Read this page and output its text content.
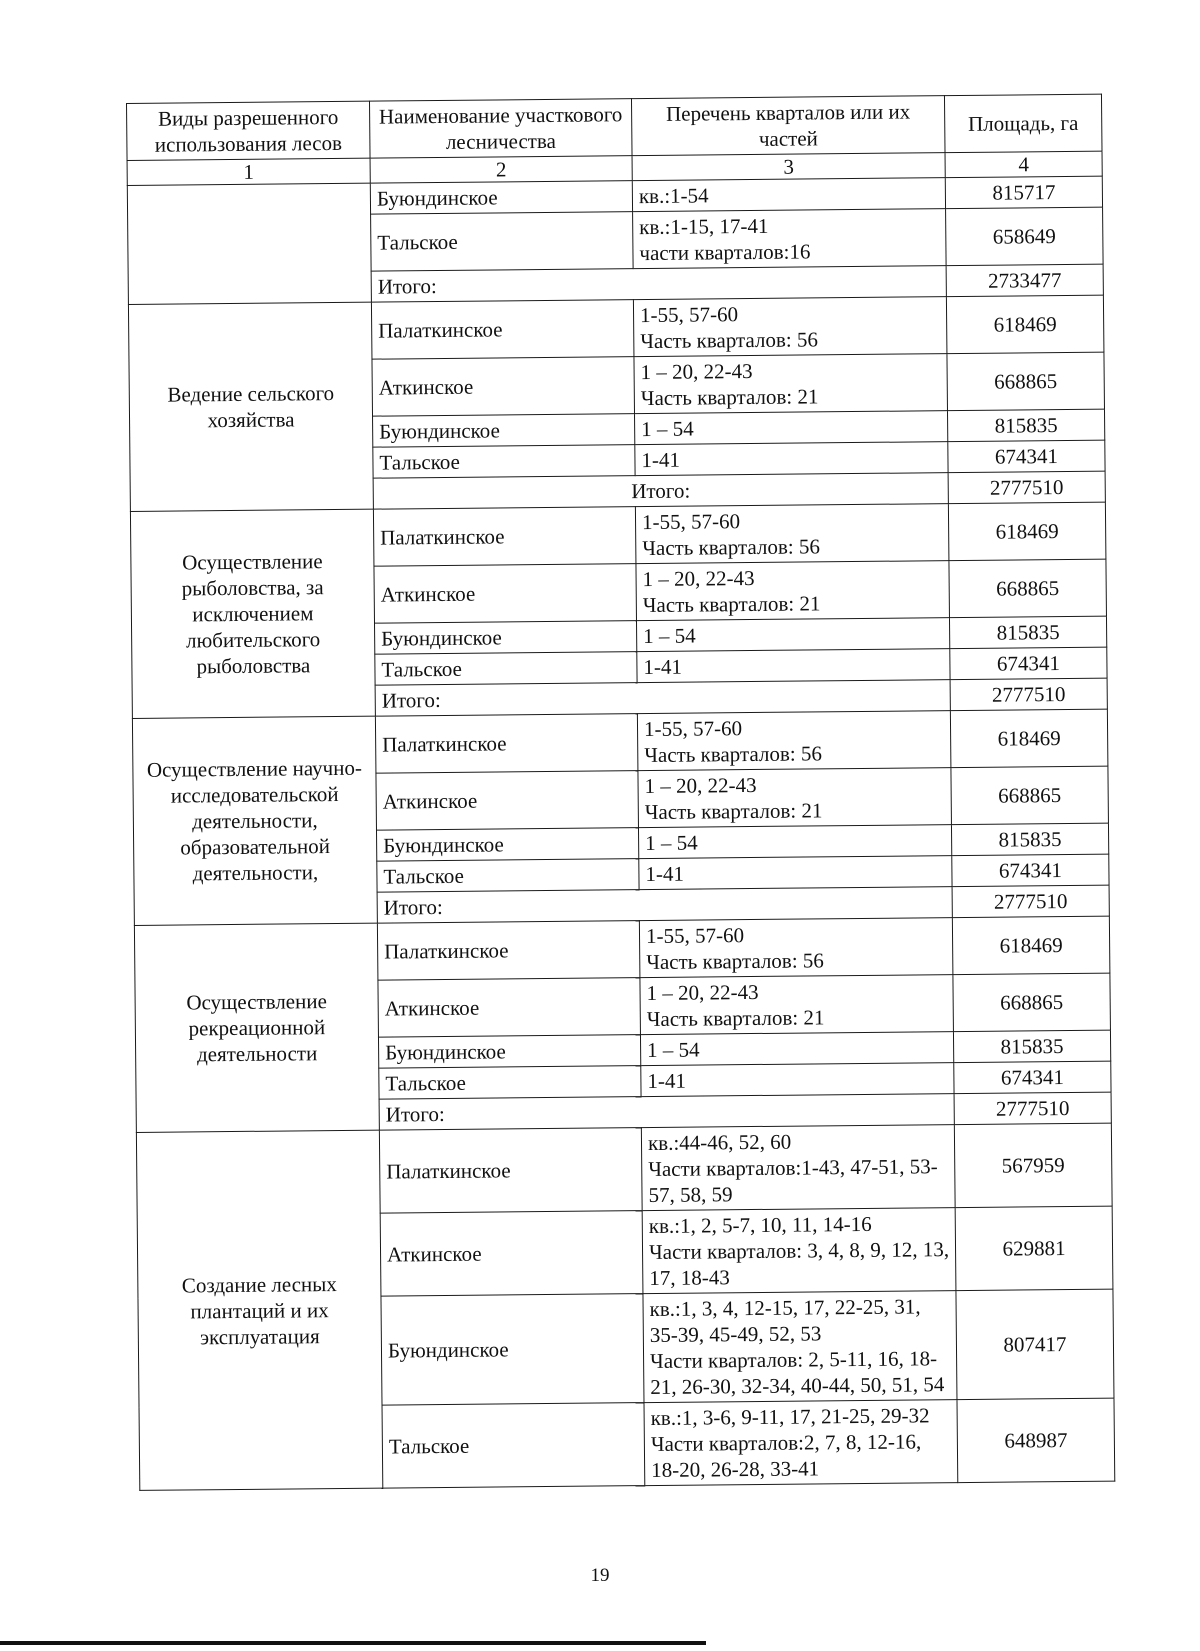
Виды разрешенного использования лесов	Наименование участкового лесничества	Перечень кварталов или их частей	Площадь, га
1	2	3	4
	Буюндинское	кв.:1-54	815717
	Тальское	кв.:1-15, 17-41
части кварталов:16	658649
	Итого:		2733477
Ведение сельского хозяйства	Палаткинское	1-55, 57-60
Часть кварталов: 56	618469
	Аткинское	1 – 20, 22-43
Часть кварталов: 21	668865
	Буюндинское	1 – 54	815835
	Тальское	1-41	674341
	Итого:		2777510
Осуществление рыболовства, за исключением любительского рыболовства	Палаткинское	1-55, 57-60
Часть кварталов: 56	618469
	Аткинское	1 – 20, 22-43
Часть кварталов: 21	668865
	Буюндинское	1 – 54	815835
	Тальское	1-41	674341
	Итого:		2777510
Осуществление научно-исследовательской деятельности, образовательной деятельности,	Палаткинское	1-55, 57-60
Часть кварталов: 56	618469
	Аткинское	1 – 20, 22-43
Часть кварталов: 21	668865
	Буюндинское	1 – 54	815835
	Тальское	1-41	674341
	Итого:		2777510
Осуществление рекреационной деятельности	Палаткинское	1-55, 57-60
Часть кварталов: 56	618469
	Аткинское	1 – 20, 22-43
Часть кварталов: 21	668865
	Буюндинское	1 – 54	815835
	Тальское	1-41	674341
	Итого:		2777510
Создание лесных плантаций и их эксплуатация	Палаткинское	кв.:44-46, 52, 60
Части кварталов:1-43, 47-51, 53-57, 58, 59	567959
	Аткинское	кв.:1, 2, 5-7, 10, 11, 14-16
Части кварталов: 3, 4, 8, 9, 12, 13, 17, 18-43	629881
	Буюндинское	кв.:1, 3, 4, 12-15, 17, 22-25, 31, 35-39, 45-49, 52, 53
Части кварталов: 2, 5-11, 16, 18-21, 26-30, 32-34, 40-44, 50, 51, 54	807417
	Тальское	кв.:1, 3-6, 9-11, 17, 21-25, 29-32
Части кварталов:2, 7, 8, 12-16, 18-20, 26-28, 33-41	648987
19
